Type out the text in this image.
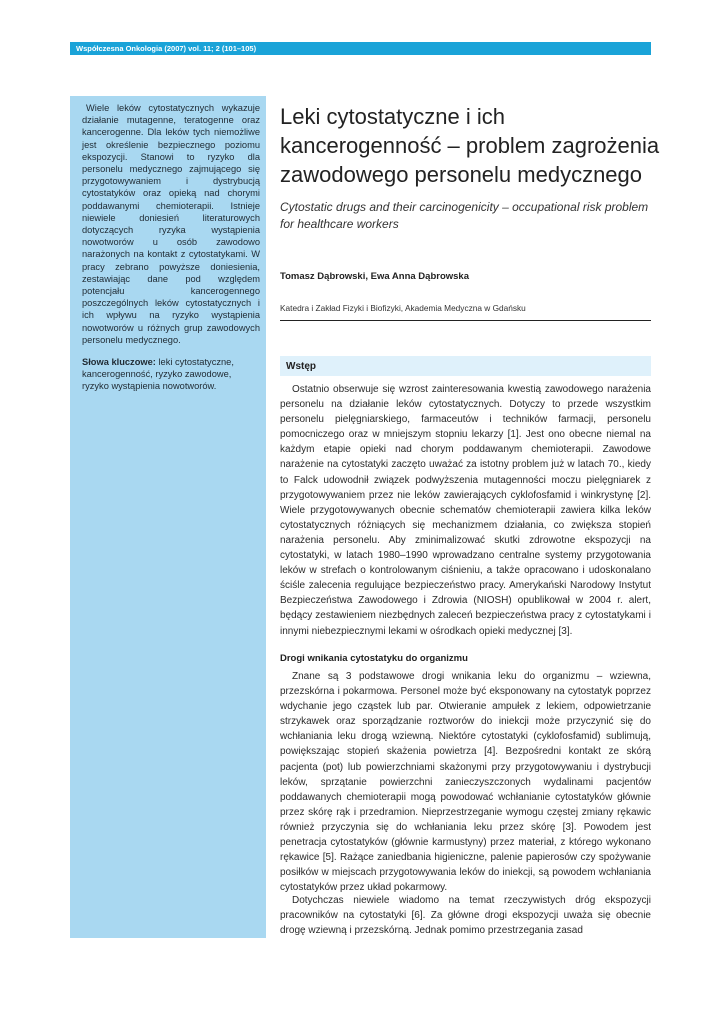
Współczesna Onkologia (2007) vol. 11; 2 (101–105)

Wiele leków cytostatycznych wykazuje działanie mutagenne, teratogenne oraz kancerogenne. Dla leków tych niemożliwe jest określenie bezpiecznego poziomu ekspozycji. Stanowi to ryzyko dla personelu medycznego zajmującego się przygotowywaniem i dystrybucją cytostatyków oraz opieką nad chorymi poddawanymi chemioterapii. Istnieje niewiele doniesień literaturowych dotyczących ryzyka wystąpienia nowotworów u osób zawodowo narażonych na kontakt z cytostatykami. W pracy zebrano powyższe doniesienia, zestawiając dane pod względem potencjału kancerogennego poszczególnych leków cytostatycznych i ich wpływu na ryzyko wystąpienia nowotworów u różnych grup zawodowych personelu medycznego.

Słowa kluczowe: leki cytostatyczne, kancerogenność, ryzyko zawodowe, ryzyko wystąpienia nowotworów.

Leki cytostatyczne i ich kancerogenność – problem zagrożenia zawodowego personelu medycznego

Cytostatic drugs and their carcinogenicity – occupational risk problem for healthcare workers

Tomasz Dąbrowski, Ewa Anna Dąbrowska
Katedra i Zakład Fizyki i Biofizyki, Akademia Medyczna w Gdańsku
Wstęp

Ostatnio obserwuje się wzrost zainteresowania kwestią zawodowego narażenia personelu na działanie leków cytostatycznych. Dotyczy to przede wszystkim personelu pielęgniarskiego, farmaceutów i techników farmacji, personelu pomocniczego oraz w mniejszym stopniu lekarzy [1]. Jest ono obecne niemal na każdym etapie opieki nad chorym poddawanym chemioterapii. Zawodowe narażenie na cytostatyki zaczęto uważać za istotny problem już w latach 70., kiedy to Falck udowodnił związek podwyższenia mutagenności moczu pielęgniarek z przygotowywaniem przez nie leków zawierających cyklofosfamid i winkrystynę [2]. Wiele przygotowywanych obecnie schematów chemioterapii zawiera kilka leków cytostatycznych różniących się mechanizmem działania, co zwiększa stopień narażenia personelu. Aby zminimalizować skutki zdrowotne ekspozycji na cytostatyki, w latach 1980–1990 wprowadzano centralne systemy przygotowania leków w strefach o kontrolowanym ciśnieniu, a także opracowano i udoskonalano ściśle zalecenia regulujące bezpieczeństwo pracy. Amerykański Narodowy Instytut Bezpieczeństwa Zawodowego i Zdrowia (NIOSH) opublikował w 2004 r. alert, będący zestawieniem niezbędnych zaleceń bezpieczeństwa pracy z cytostatykami i innymi niebezpiecznymi lekami w ośrodkach opieki medycznej [3].

Drogi wnikania cytostatyku do organizmu

Znane są 3 podstawowe drogi wnikania leku do organizmu – wziewna, przezskórna i pokarmowa. Personel może być eksponowany na cytostatyk poprzez wdychanie jego cząstek lub par. Otwieranie ampułek z lekiem, odpowietrzanie strzykawek oraz sporządzanie roztworów do iniekcji może przyczynić się do wchłaniania leku drogą wziewną. Niektóre cytostatyki (cyklofosfamid) sublimują, powiększając stopień skażenia powietrza [4]. Bezpośredni kontakt ze skórą pacjenta (pot) lub powierzchniami skażonymi przy przygotowywaniu i dystrybucji leków, sprzątanie powierzchni zanieczyszczonych wydalinami pacjentów poddawanych chemioterapii mogą powodować wchłanianie cytostatyków głównie przez skórę rąk i przedramion. Nieprzestrzeganie wymogu częstej zmiany rękawic również przyczynia się do wchłaniania leku przez skórę [3]. Powodem jest penetracja cytostatyków (głównie karmustyny) przez materiał, z którego wykonano rękawice [5]. Rażące zaniedbania higieniczne, palenie papierosów czy spożywanie posiłków w miejscach przygotowywania leków do iniekcji, są powodem wchłaniania cytostatyków przez układ pokarmowy.

Dotychczas niewiele wiadomo na temat rzeczywistych dróg ekspozycji pracowników na cytostatyki [6]. Za główne drogi ekspozycji uważa się obecnie drogę wziewną i przezskórną. Jednak pomimo przestrzegania zasad
